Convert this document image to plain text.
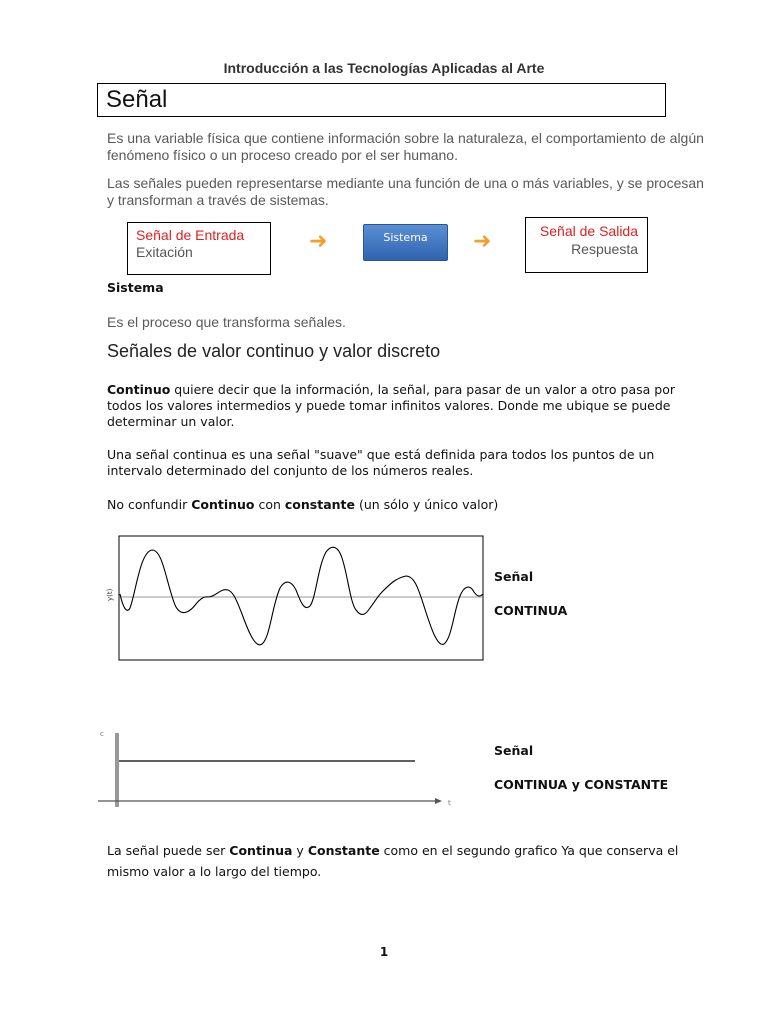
Introducción a las Tecnologías Aplicadas al Arte
Señal
Es una variable física que contiene información sobre la naturaleza, el comportamiento de algún fenómeno físico o un proceso creado por el ser humano.
Las señales pueden representarse mediante una función de una o más variables, y se procesan y transforman a través de sistemas.
Señal de Entrada
Exitación	➜	Sistema	➜	Señal de Salida
Respuesta
Sistema
Es el proceso que transforma señales.
Señales de valor continuo y valor discreto
Continuo quiere decir que la información, la señal, para pasar de un valor a otro pasa por todos los valores intermedios y puede tomar infinitos valores. Donde me ubique se puede determinar un valor.
Una señal continua es una señal "suave" que está definida para todos los puntos de un intervalo determinado del conjunto de los números reales.
No confundir Continuo con constante (un sólo y único valor)
y(t)
Señal
CONTINUA
c
t
Señal
CONTINUA y CONSTANTE
La señal puede ser Continua y Constante como en el segundo grafico Ya que conserva el mismo valor a lo largo del tiempo.
1
